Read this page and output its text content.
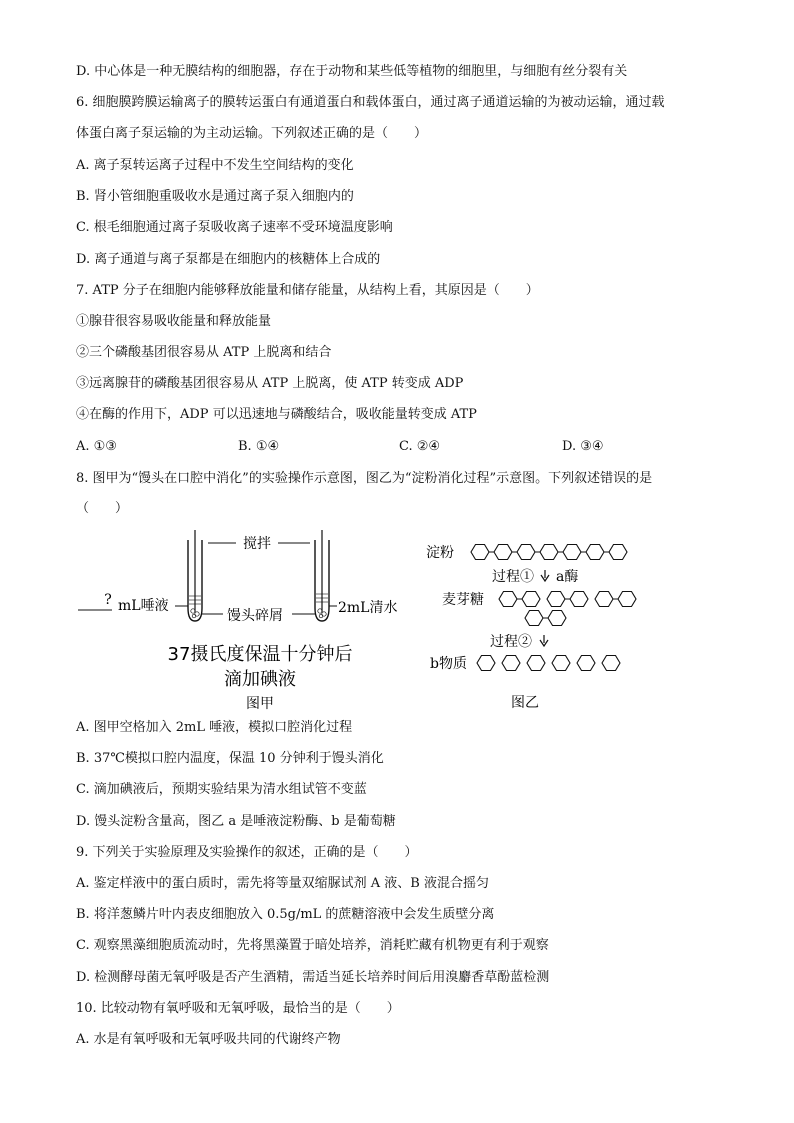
D. 中心体是一种无膜结构的细胞器，存在于动物和某些低等植物的细胞里，与细胞有丝分裂有关
6. 细胞膜跨膜运输离子的膜转运蛋白有通道蛋白和载体蛋白，通过离子通道运输的为被动运输，通过载
体蛋白离子泵运输的为主动运输。下列叙述正确的是（　　）
A. 离子泵转运离子过程中不发生空间结构的变化
B. 肾小管细胞重吸收水是通过离子泵入细胞内的
C. 根毛细胞通过离子泵吸收离子速率不受环境温度影响
D. 离子通道与离子泵都是在细胞内的核糖体上合成的
7. ATP 分子在细胞内能够释放能量和储存能量，从结构上看，其原因是（　　）
①腺苷很容易吸收能量和释放能量
②三个磷酸基团很容易从 ATP 上脱离和结合
③远离腺苷的磷酸基团很容易从 ATP 上脱离，使 ATP 转变成 ADP
④在酶的作用下，ADP 可以迅速地与磷酸结合，吸收能量转变成 ATP
A. ①③	B. ①④	C. ②④	D. ③④
8. 图甲为“馒头在口腔中消化”的实验操作示意图，图乙为“淀粉消化过程”示意图。下列叙述错误的是
（　　）
搅拌
? mL唾液
馒头碎屑	2mL清水
37摄氏度保温十分钟后
滴加碘液
图甲
淀粉
过程① a酶
麦芽糖
过程②
b物质
图乙
A. 图甲空格加入 2mL 唾液，模拟口腔消化过程
B. 37℃模拟口腔内温度，保温 10 分钟利于馒头消化
C. 滴加碘液后，预期实验结果为清水组试管不变蓝
D. 馒头淀粉含量高，图乙 a 是唾液淀粉酶、b 是葡萄糖
9. 下列关于实验原理及实验操作的叙述，正确的是（　　）
A. 鉴定样液中的蛋白质时，需先将等量双缩脲试剂 A 液、B 液混合摇匀
B. 将洋葱鳞片叶内表皮细胞放入 0.5g/mL 的蔗糖溶液中会发生质壁分离
C. 观察黑藻细胞质流动时，先将黑藻置于暗处培养，消耗贮藏有机物更有利于观察
D. 检测酵母菌无氧呼吸是否产生酒精，需适当延长培养时间后用溴麝香草酚蓝检测
10. 比较动物有氧呼吸和无氧呼吸，最恰当的是（　　）
A. 水是有氧呼吸和无氧呼吸共同的代谢终产物
